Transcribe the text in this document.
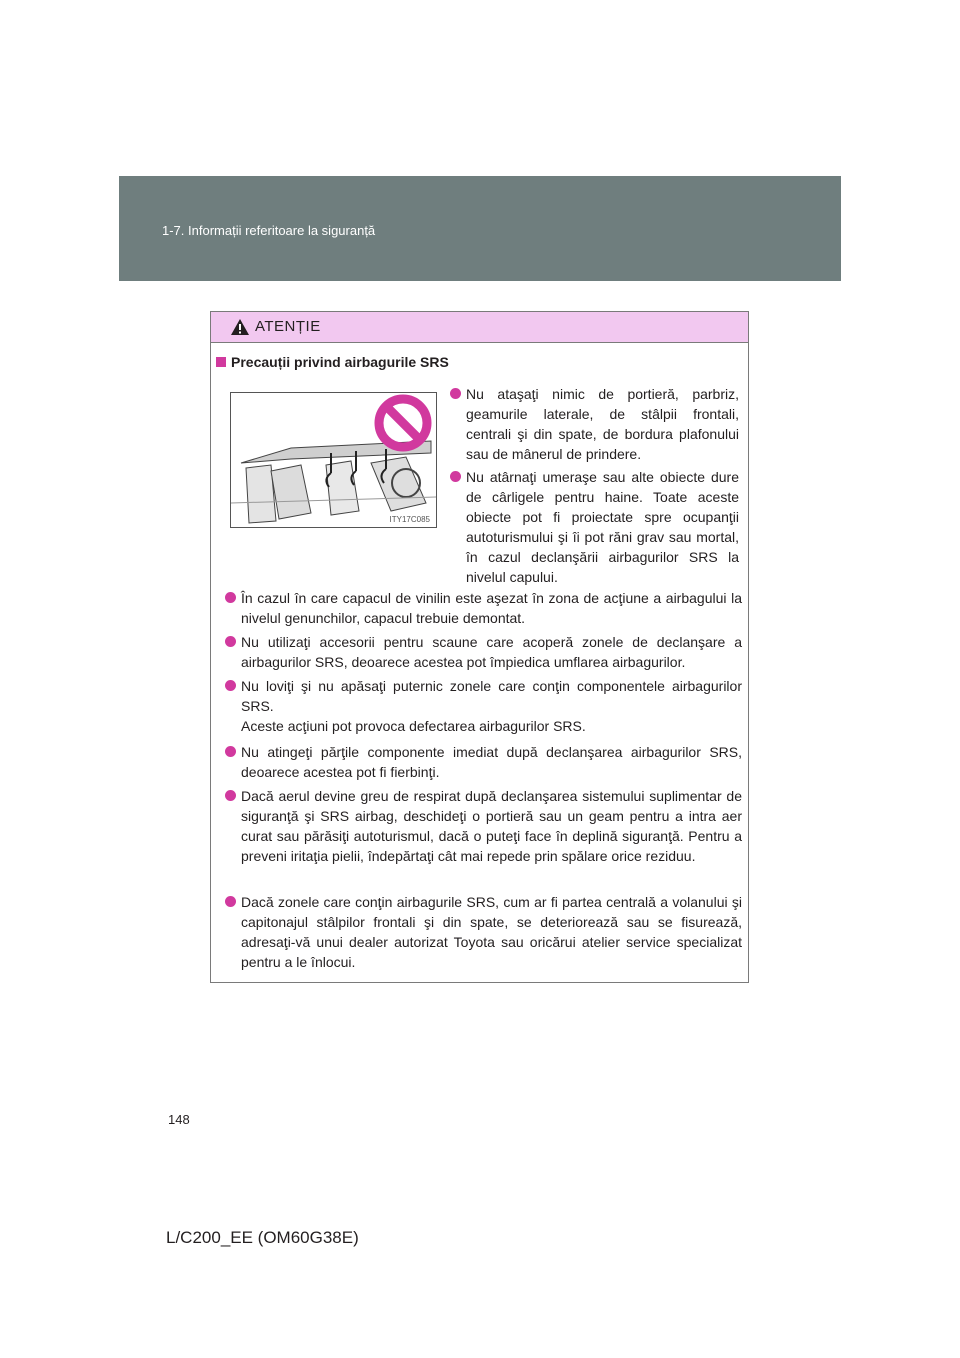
1-7. Informații referitoare la siguranță
ATENȚIE
Precauții privind airbagurile SRS
ITY17C085

Nu ataşaţi nimic de portieră, parbriz, geamurile laterale, de stâlpii frontali, centrali şi din spate, de bordura plafonului sau de mânerul de prindere.

Nu atârnaţi umeraşe sau alte obiecte dure de cârligele pentru haine. Toate aceste obiecte pot fi proiectate spre ocupanţii autoturismului şi îi pot răni grav sau mortal, în cazul declanşării airbagurilor SRS la nivelul capului.

În cazul în care capacul de vinilin este aşezat în zona de acţiune a airbagului la nivelul genunchilor, capacul trebuie demontat.

Nu utilizaţi accesorii pentru scaune care acoperă zonele de declanşare a airbagurilor SRS, deoarece acestea pot împiedica umflarea airbagurilor.

Nu loviţi şi nu apăsaţi puternic zonele care conţin componentele airbagurilor SRS.

Aceste acţiuni pot provoca defectarea airbagurilor SRS.

Nu atingeţi părţile componente imediat după declanşarea airbagurilor SRS, deoarece acestea pot fi fierbinţi.

Dacă aerul devine greu de respirat după declanşarea sistemului suplimentar de siguranţă şi SRS airbag, deschideţi o portieră sau un geam pentru a intra aer curat sau părăsiţi autoturismul, dacă o puteţi face în deplină siguranţă. Pentru a preveni iritaţia pielii, îndepărtaţi cât mai repede prin spălare orice reziduu.

Dacă zonele care conţin airbagurile SRS, cum ar fi partea centrală a volanului şi capitonajul stâlpilor frontali şi din spate, se deteriorează sau se fisurează, adresaţi-vă unui dealer autorizat Toyota sau oricărui atelier service specializat pentru a le înlocui.

148
L/C200_EE (OM60G38E)
